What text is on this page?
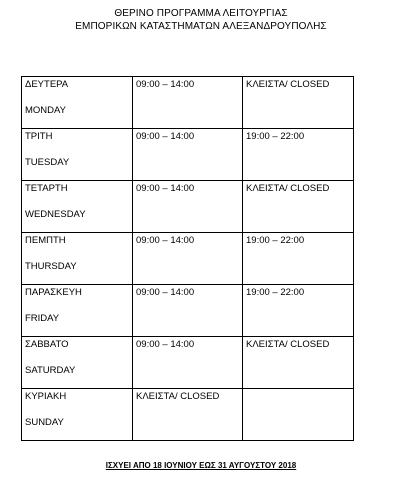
ΘΕΡΙΝΟ ΠΡΟΓΡΑΜΜΑ ΛΕΙΤΟΥΡΓΙΑΣ
ΕΜΠΟΡΙΚΩΝ ΚΑΤΑΣΤΗΜΑΤΩΝ ΑΛΕΞΑΝΔΡΟΥΠΟΛΗΣ
ΔΕΥΤΕΡΑ
MONDAY	09:00 – 14:00	ΚΛΕΙΣΤΑ/ CLOSED

ΤΡΙΤΗ
TUESDAY	09:00 – 14:00	19:00 – 22:00

ΤΕΤΑΡΤΗ
WEDNESDAY	09:00 – 14:00	ΚΛΕΙΣΤΑ/ CLOSED

ΠΕΜΠΤΗ
THURSDAY	09:00 – 14:00	19:00 – 22:00

ΠΑΡΑΣΚΕΥΗ
FRIDAY	09:00 – 14:00	19:00 – 22:00

ΣΑΒΒΑΤΟ
SATURDAY	09:00 – 14:00	ΚΛΕΙΣΤΑ/ CLOSED

ΚΥΡΙΑΚΗ
SUNDAY	ΚΛΕΙΣΤΑ/ CLOSED	

ΙΣΧΥΕΙ ΑΠΟ 18 ΙΟΥΝΙΟΥ ΕΩΣ 31 ΑΥΓΟΥΣΤΟΥ 2018
